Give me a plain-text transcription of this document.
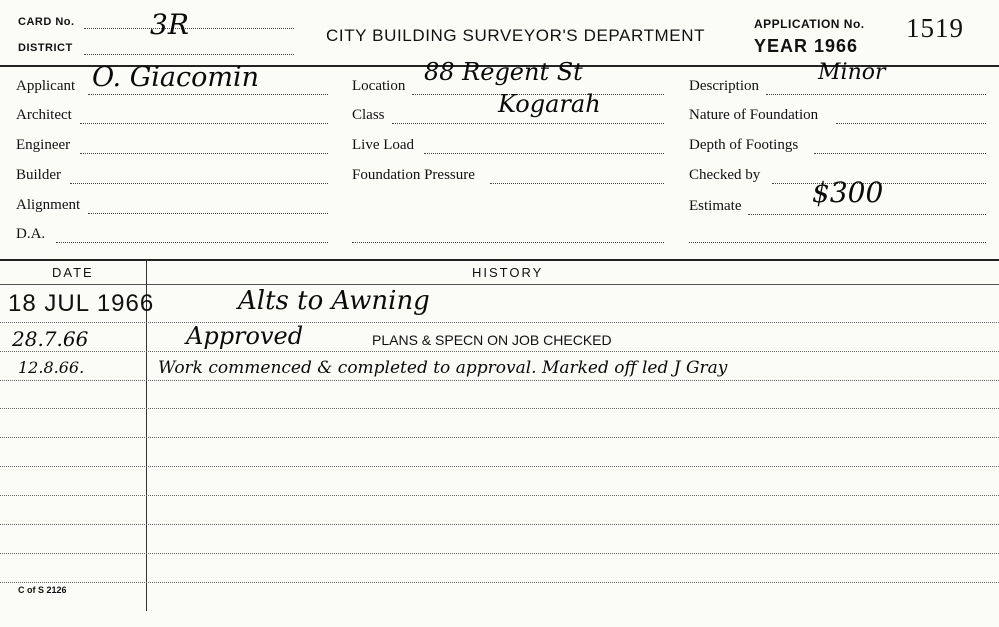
CARD No.	3R
DISTRICT
CITY BUILDING SURVEYOR'S DEPARTMENT
APPLICATION No. 1519
YEAR 1966
Applicant O. Giacomin
Architect
Engineer
Builder
Alignment
D.A.
Location 88 Regent St
Class	Kogarah
Live Load
Foundation Pressure
Description
Minor
Nature of Foundation
Depth of Footings
Checked by
Estimate	$300
DATE	HISTORY
18 JUL 1966	Alts to Awning
28.7.66	Approved	PLANS & SPECN ON JOB CHECKED
12.8.66.	Work commenced & completed to approval. Marked off led J Gray
C of S 2126
